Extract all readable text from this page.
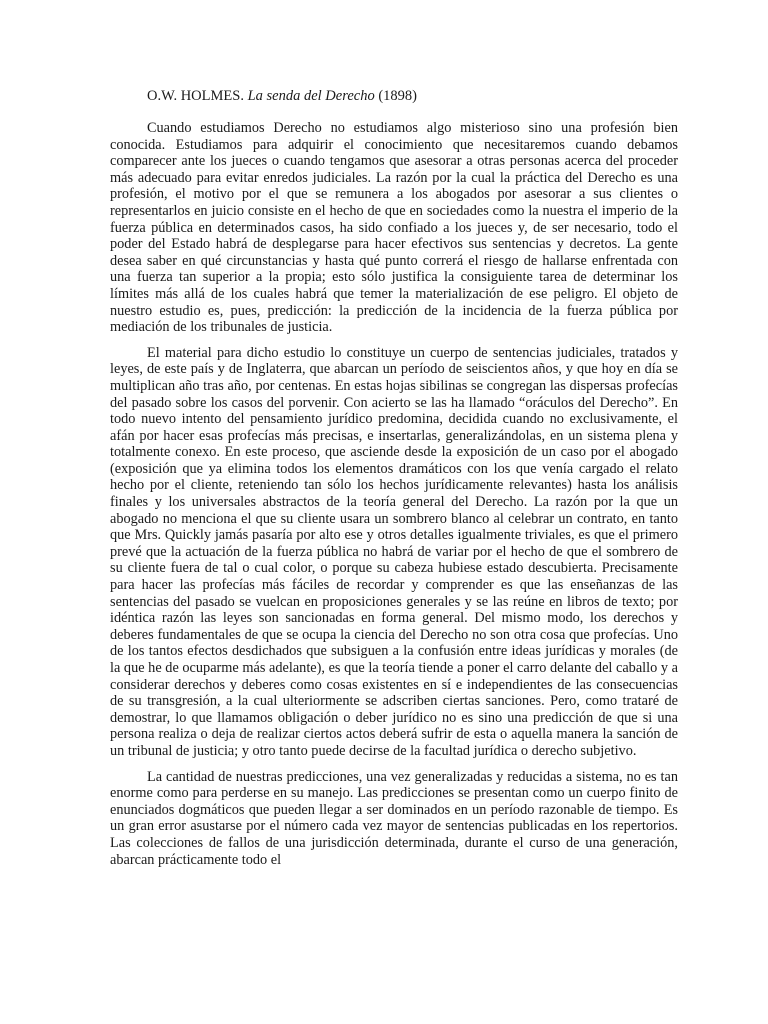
O.W. HOLMES. La senda del Derecho (1898)

Cuando estudiamos Derecho no estudiamos algo misterioso sino una profesión bien conocida. Estudiamos para adquirir el conocimiento que necesitaremos cuando debamos comparecer ante los jueces o cuando tengamos que asesorar a otras personas acerca del proceder más adecuado para evitar enredos judiciales. La razón por la cual la práctica del Derecho es una profesión, el motivo por el que se remunera a los abogados por asesorar a sus clientes o representarlos en juicio consiste en el hecho de que en sociedades como la nuestra el imperio de la fuerza pública en determinados casos, ha sido confiado a los jueces y, de ser necesario, todo el poder del Estado habrá de desplegarse para hacer efectivos sus sentencias y decretos. La gente desea saber en qué circunstancias y hasta qué punto correrá el riesgo de hallarse enfrentada con una fuerza tan superior a la propia; esto sólo justifica la consiguiente tarea de determinar los límites más allá de los cuales habrá que temer la materialización de ese peligro. El objeto de nuestro estudio es, pues, predicción: la predicción de la incidencia de la fuerza pública por mediación de los tribunales de justicia.

El material para dicho estudio lo constituye un cuerpo de sentencias judiciales, tratados y leyes, de este país y de Inglaterra, que abarcan un período de seiscientos años, y que hoy en día se multiplican año tras año, por centenas. En estas hojas sibilinas se congregan las dispersas profecías del pasado sobre los casos del porvenir. Con acierto se las ha llamado “oráculos del Derecho”. En todo nuevo intento del pensamiento jurídico predomina, decidida cuando no exclusivamente, el afán por hacer esas profecías más precisas, e insertarlas, generalizándolas, en un sistema plena y totalmente conexo. En este proceso, que asciende desde la exposición de un caso por el abogado (exposición que ya elimina todos los elementos dramáticos con los que venía cargado el relato hecho por el cliente, reteniendo tan sólo los hechos jurídicamente relevantes) hasta los análisis finales y los universales abstractos de la teoría general del Derecho. La razón por la que un abogado no menciona el que su cliente usara un sombrero blanco al celebrar un contrato, en tanto que Mrs. Quickly jamás pasaría por alto ese y otros detalles igualmente triviales, es que el primero prevé que la actuación de la fuerza pública no habrá de variar por el hecho de que el sombrero de su cliente fuera de tal o cual color, o porque su cabeza hubiese estado descubierta. Precisamente para hacer las profecías más fáciles de recordar y comprender es que las enseñanzas de las sentencias del pasado se vuelcan en proposiciones generales y se las reúne en libros de texto; por idéntica razón las leyes son sancionadas en forma general. Del mismo modo, los derechos y deberes fundamentales de que se ocupa la ciencia del Derecho no son otra cosa que profecías. Uno de los tantos efectos desdichados que subsiguen a la confusión entre ideas jurídicas y morales (de la que he de ocuparme más adelante), es que la teoría tiende a poner el carro delante del caballo y a considerar derechos y deberes como cosas existentes en sí e independientes de las consecuencias de su transgresión, a la cual ulteriormente se adscriben ciertas sanciones. Pero, como trataré de demostrar, lo que llamamos obligación o deber jurídico no es sino una predicción de que si una persona realiza o deja de realizar ciertos actos deberá sufrir de esta o aquella manera la sanción de un tribunal de justicia; y otro tanto puede decirse de la facultad jurídica o derecho subjetivo.

La cantidad de nuestras predicciones, una vez generalizadas y reducidas a sistema, no es tan enorme como para perderse en su manejo. Las predicciones se presentan como un cuerpo finito de enunciados dogmáticos que pueden llegar a ser dominados en un período razonable de tiempo. Es un gran error asustarse por el número cada vez mayor de sentencias publicadas en los repertorios. Las colecciones de fallos de una jurisdicción determinada, durante el curso de una generación, abarcan prácticamente todo el
